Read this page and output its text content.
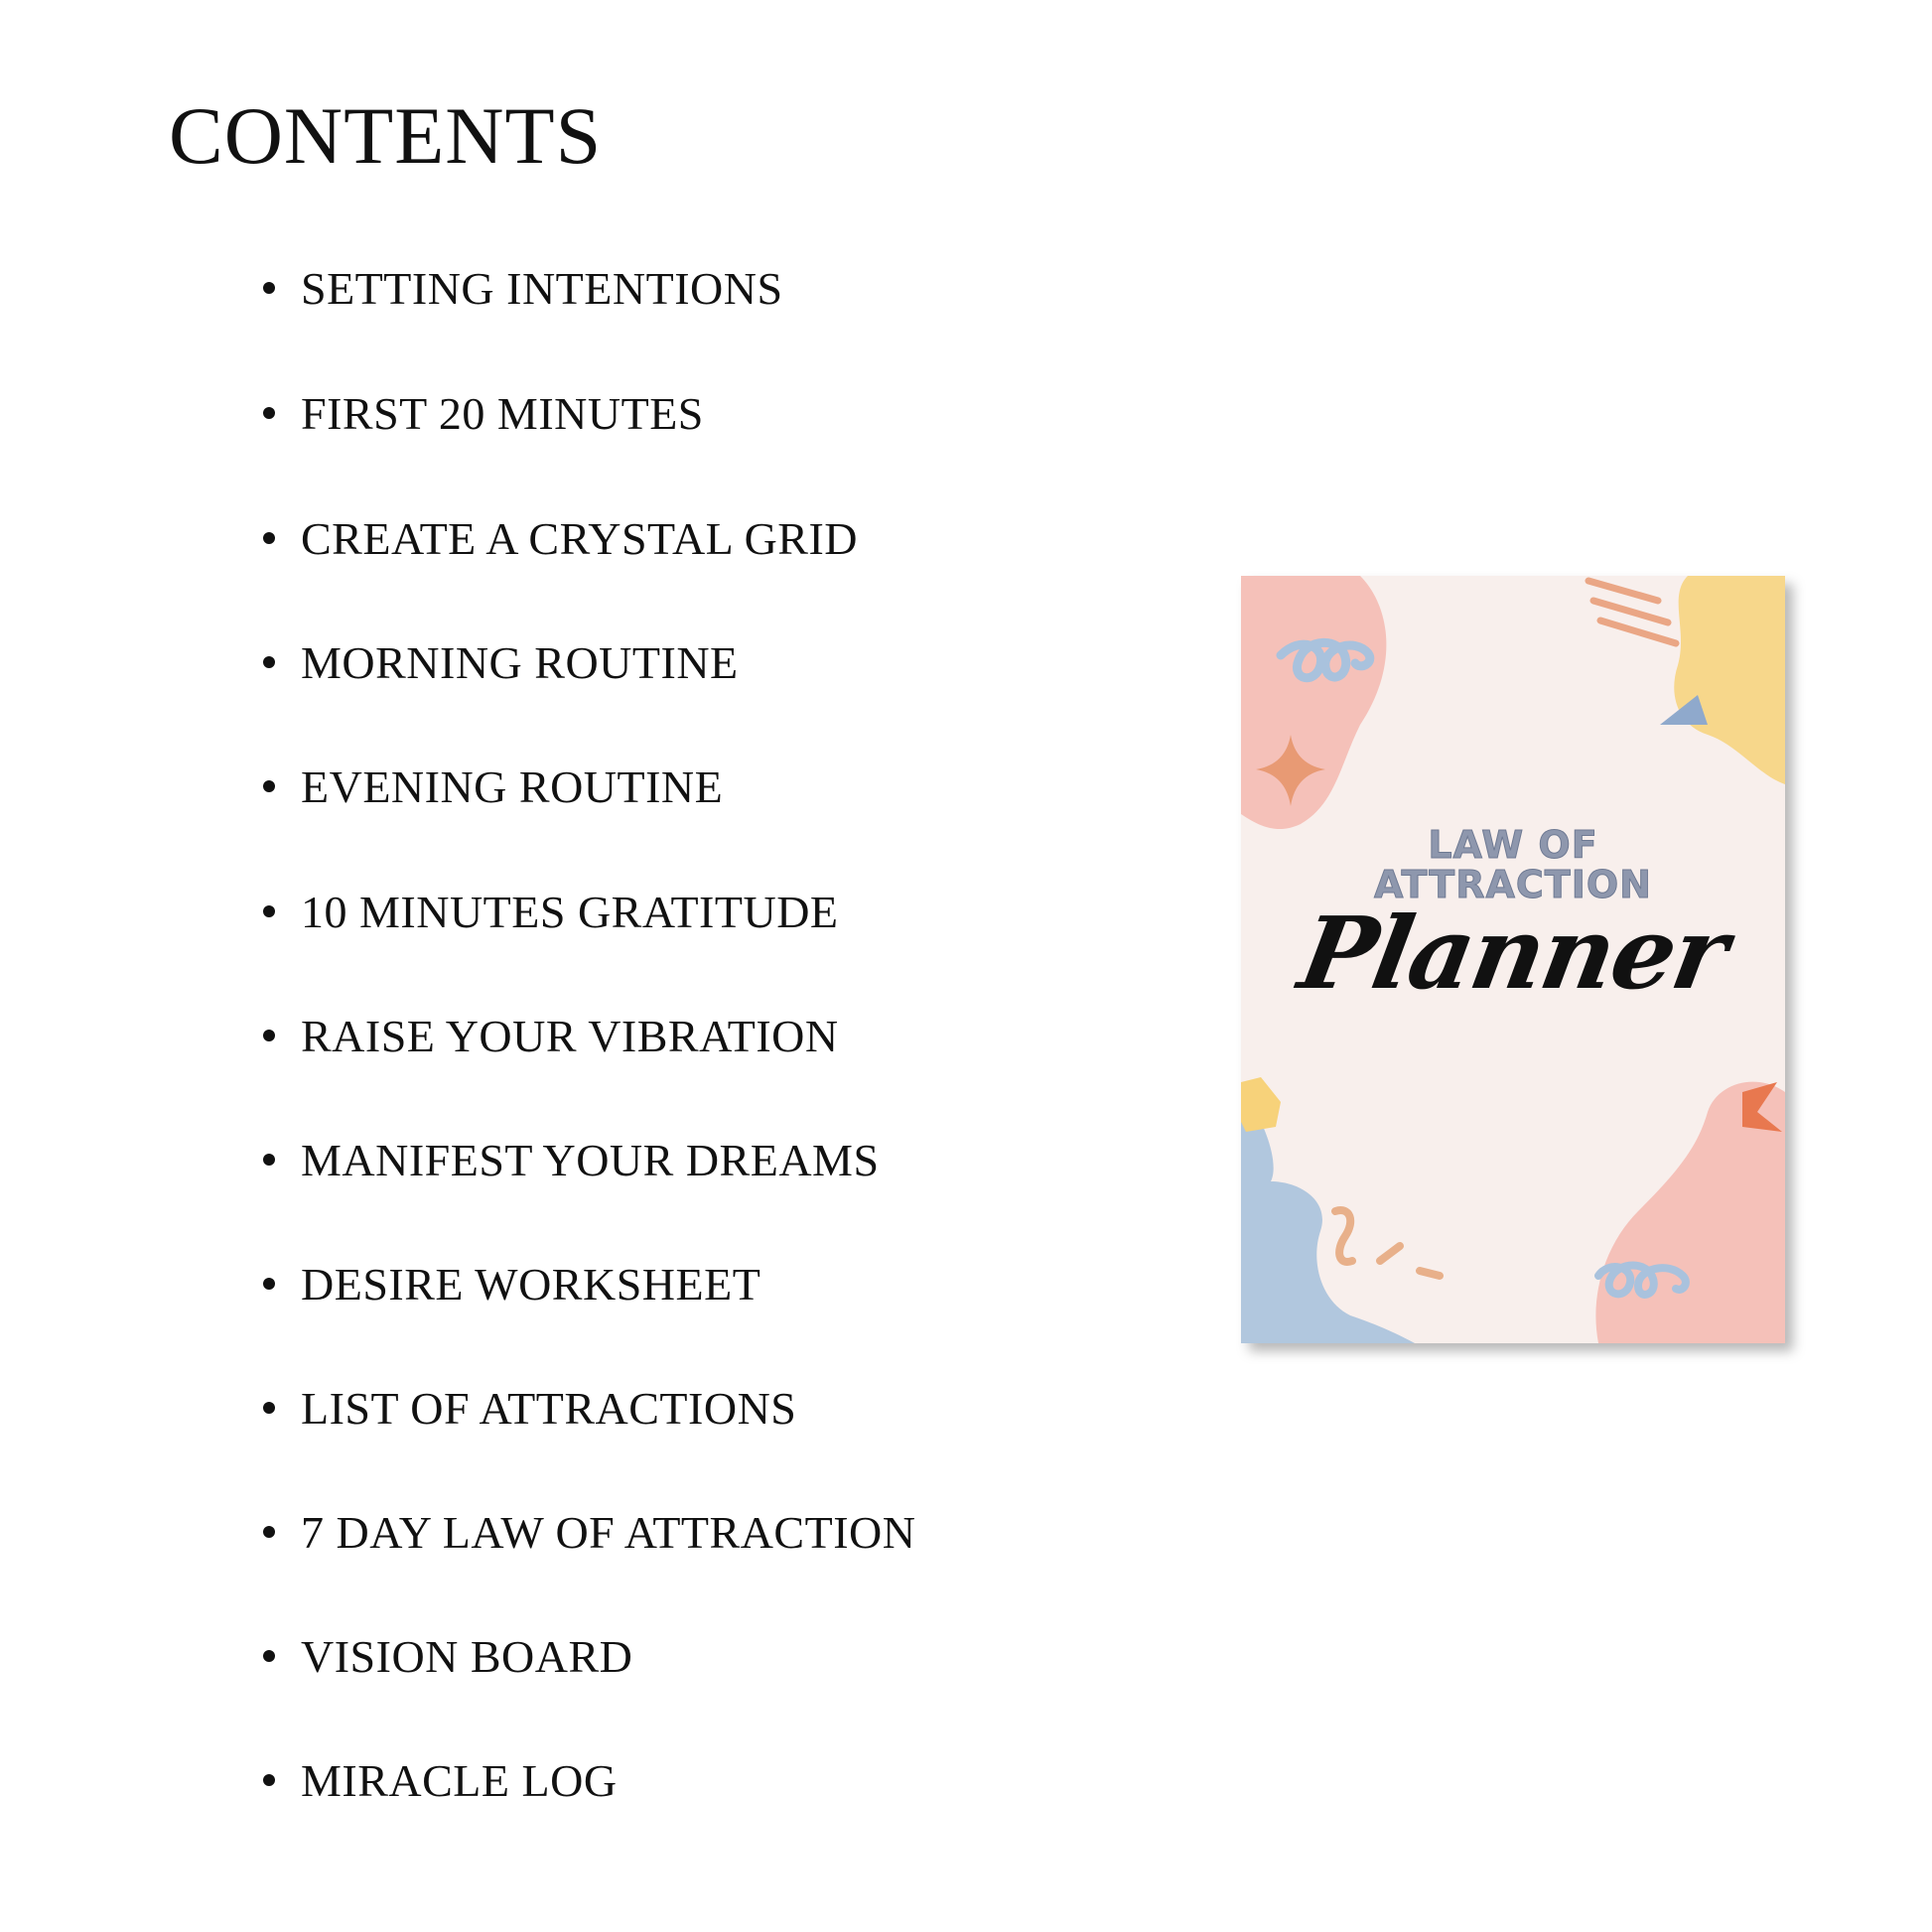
CONTENTS
SETTING INTENTIONS
FIRST 20 MINUTES
CREATE A CRYSTAL GRID
MORNING ROUTINE
EVENING ROUTINE
10 MINUTES GRATITUDE
RAISE YOUR VIBRATION
MANIFEST YOUR DREAMS
DESIRE WORKSHEET
LIST OF ATTRACTIONS
7 DAY LAW OF ATTRACTION
VISION BOARD
MIRACLE LOG
LAW OF
ATTRACTION
Planner
